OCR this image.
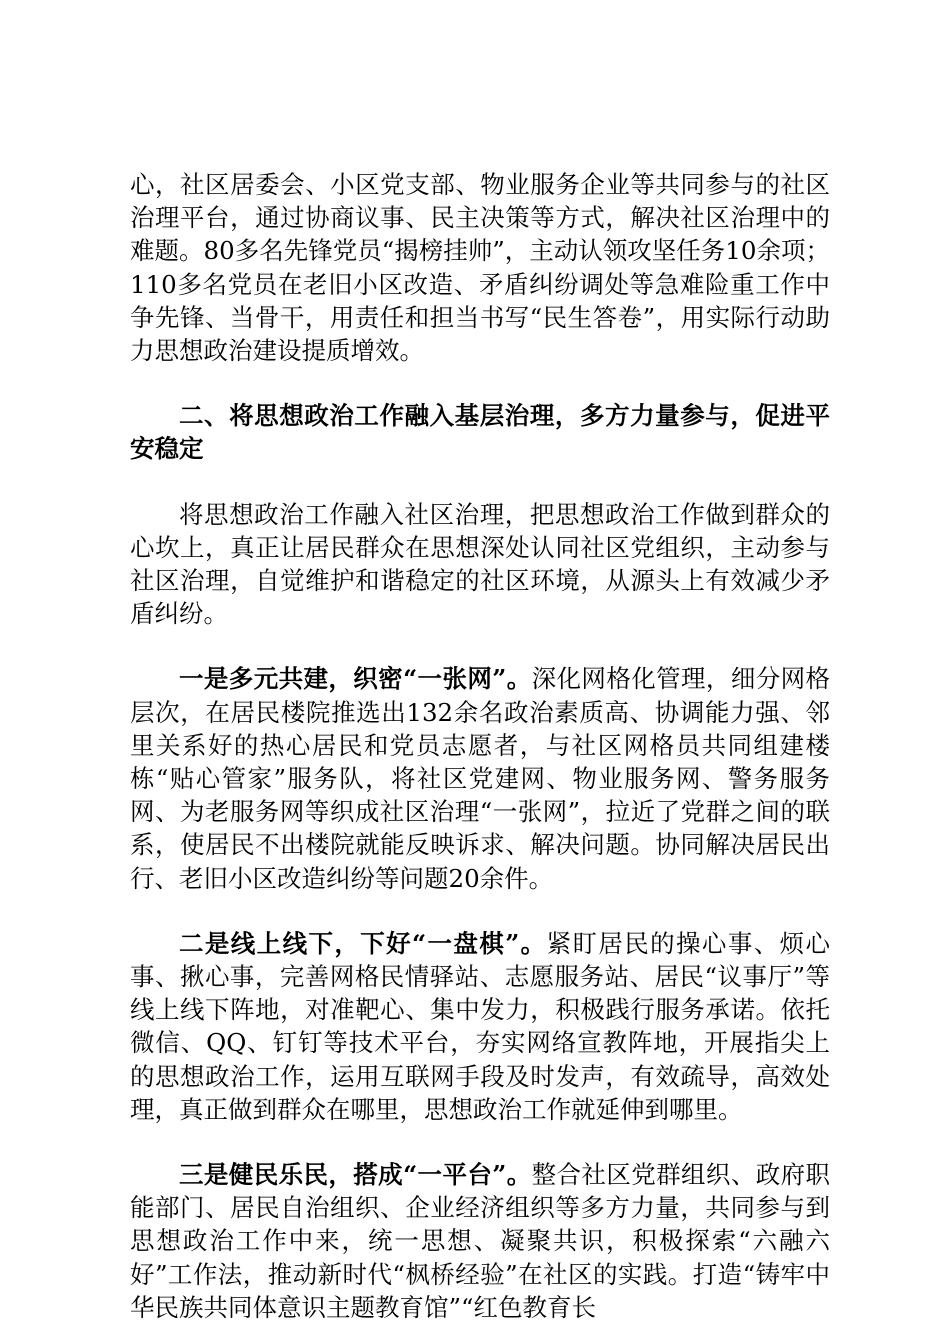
心，社区居委会、小区党支部、物业服务企业等共同参与的社区治理平台，通过协商议事、民主决策等方式，解决社区治理中的难题。80多名先锋党员“揭榜挂帅”，主动认领攻坚任务10余项；110多名党员在老旧小区改造、矛盾纠纷调处等急难险重工作中争先锋、当骨干，用责任和担当书写“民生答卷”，用实际行动助力思想政治建设提质增效。

二、将思想政治工作融入基层治理，多方力量参与，促进平安稳定

将思想政治工作融入社区治理，把思想政治工作做到群众的心坎上，真正让居民群众在思想深处认同社区党组织，主动参与社区治理，自觉维护和谐稳定的社区环境，从源头上有效减少矛盾纠纷。

一是多元共建，织密“一张网”。深化网格化管理，细分网格层次，在居民楼院推选出132余名政治素质高、协调能力强、邻里关系好的热心居民和党员志愿者，与社区网格员共同组建楼栋“贴心管家”服务队，将社区党建网、物业服务网、警务服务网、为老服务网等织成社区治理“一张网”，拉近了党群之间的联系，使居民不出楼院就能反映诉求、解决问题。协同解决居民出行、老旧小区改造纠纷等问题20余件。

二是线上线下，下好“一盘棋”。紧盯居民的操心事、烦心事、揪心事，完善网格民情驿站、志愿服务站、居民“议事厅”等线上线下阵地，对准靶心、集中发力，积极践行服务承诺。依托微信、QQ、钉钉等技术平台，夯实网络宣教阵地，开展指尖上的思想政治工作，运用互联网手段及时发声，有效疏导，高效处理，真正做到群众在哪里，思想政治工作就延伸到哪里。

三是健民乐民，搭成“一平台”。整合社区党群组织、政府职能部门、居民自治组织、企业经济组织等多方力量，共同参与到思想政治工作中来，统一思想、凝聚共识，积极探索“六融六好”工作法，推动新时代“枫桥经验”在社区的实践。打造“铸牢中华民族共同体意识主题教育馆”“红色教育长
